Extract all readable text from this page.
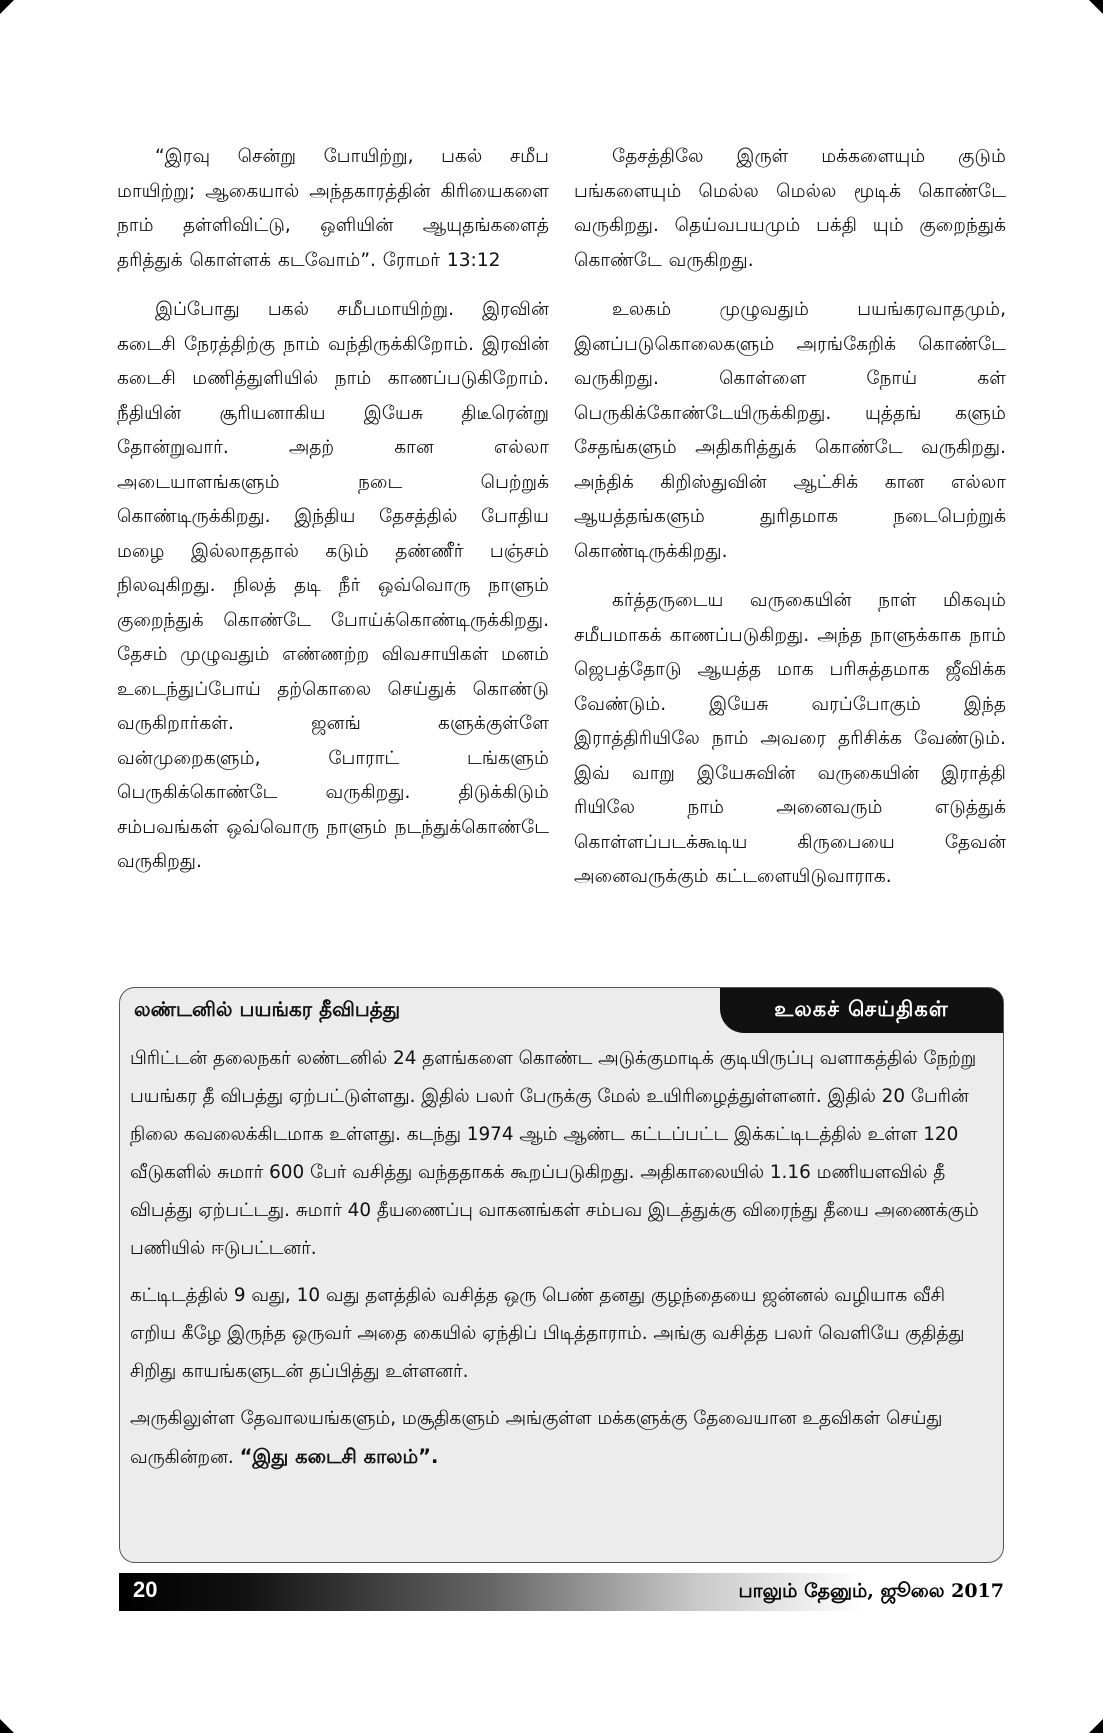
“இரவு சென்று போயிற்று, பகல் சமீப மாயிற்று; ஆகையால் அந்தகாரத்தின் கிரியைகளை நாம் தள்ளிவிட்டு, ஒளியின் ஆயுதங்களைத் தரித்துக் கொள்ளக் கடவோம்”. ரோமர் 13:12

இப்போது பகல் சமீபமாயிற்று. இரவின் கடைசி நேரத்திற்கு நாம் வந்திருக்கிறோம். இரவின் கடைசி மணித்துளியில் நாம் காணப்படுகிறோம். நீதியின் சூரியனாகிய இயேசு திடீரென்று தோன்றுவார். அதற் கான எல்லா அடையாளங்களும் நடை பெற்றுக் கொண்டிருக்கிறது. இந்திய தேசத்தில் போதிய மழை இல்லாததால் கடும் தண்ணீர் பஞ்சம் நிலவுகிறது. நிலத் தடி நீர் ஒவ்வொரு நாளும் குறைந்துக் கொண்டே போய்க்கொண்டிருக்கிறது. தேசம் முழுவதும் எண்ணற்ற விவசாயிகள் மனம் உடைந்துப்போய் தற்கொலை செய்துக் கொண்டு வருகிறார்கள். ஜனங் களுக்குள்ளே வன்முறைகளும், போராட் டங்களும் பெருகிக்கொண்டே வருகிறது. திடுக்கிடும் சம்பவங்கள் ஒவ்வொரு நாளும் நடந்துக்கொண்டே வருகிறது.

தேசத்திலே இருள் மக்களையும் குடும் பங்களையும் மெல்ல மெல்ல மூடிக் கொண்டே வருகிறது. தெய்வபயமும் பக்தி யும் குறைந்துக் கொண்டே வருகிறது.

உலகம் முழுவதும் பயங்கரவாதமும், இனப்படுகொலைகளும் அரங்கேறிக் கொண்டே வருகிறது. கொள்ளை நோய் கள் பெருகிக்கோண்டேயிருக்கிறது. யுத்தங் களும் சேதங்களும் அதிகரித்துக் கொண்டே வருகிறது. அந்திக் கிறிஸ்துவின் ஆட்சிக் கான எல்லா ஆயத்தங்களும் துரிதமாக நடைபெற்றுக் கொண்டிருக்கிறது.

கர்த்தருடைய வருகையின் நாள் மிகவும் சமீபமாகக் காணப்படுகிறது. அந்த நாளுக்காக நாம் ஜெபத்தோடு ஆயத்த மாக பரிசுத்தமாக ஜீவிக்க வேண்டும். இயேசு வரப்போகும் இந்த இராத்திரியிலே நாம் அவரை தரிசிக்க வேண்டும். இவ் வாறு இயேசுவின் வருகையின் இராத்தி ரியிலே நாம் அனைவரும் எடுத்துக் கொள்ளப்படக்கூடிய கிருபையை தேவன் அனைவருக்கும் கட்டளையிடுவாராக.

உலகச் செய்திகள்
லண்டனில் பயங்கர தீவிபத்து

பிரிட்டன் தலைநகர் லண்டனில் 24 தளங்களை கொண்ட அடுக்குமாடிக் குடியிருப்பு வளாகத்தில் நேற்று பயங்கர தீ விபத்து ஏற்பட்டுள்ளது. இதில் பலர் பேருக்கு மேல் உயிரிழைத்துள்ளனர். இதில் 20 பேரின் நிலை கவலைக்கிடமாக உள்ளது. கடந்து 1974 ஆம் ஆண்ட கட்டப்பட்ட இக்கட்டிடத்தில் உள்ள 120 வீடுகளில் சுமார் 600 பேர் வசித்து வந்ததாகக் கூறப்படுகிறது. அதிகாலையில் 1.16 மணியளவில் தீ விபத்து ஏற்பட்டது. சுமார் 40 தீயணைப்பு வாகனங்கள் சம்பவ இடத்துக்கு விரைந்து தீயை அணைக்கும் பணியில் ஈடுபட்டனர்.

கட்டிடத்தில் 9 வது, 10 வது தளத்தில் வசித்த ஒரு பெண் தனது குழந்தையை ஜன்னல் வழியாக வீசி எறிய கீழே இருந்த ஒருவர் அதை கையில் ஏந்திப் பிடித்தாராம். அங்கு வசித்த பலர் வெளியே குதித்து சிறிது காயங்களுடன் தப்பித்து உள்ளனர்.

அருகிலுள்ள தேவாலயங்களும், மசூதிகளும் அங்குள்ள மக்களுக்கு தேவையான உதவிகள் செய்து வருகின்றன. “இது கடைசி காலம்”.

20	பாலும் தேனும், ஜூலை 2017
